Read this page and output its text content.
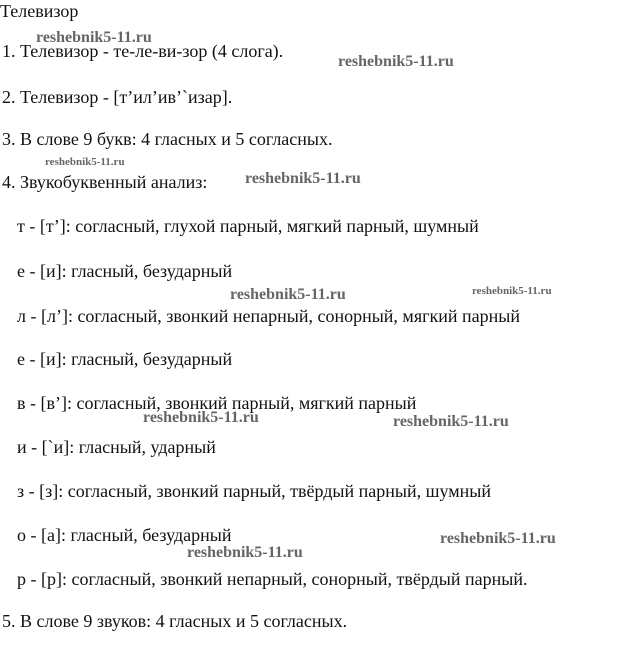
Телевизор
1. Телевизор - те-ле-ви-зор (4 слога).
2. Телевизор - [т’ил’ив’`изар].
3. В слове 9 букв: 4 гласных и 5 согласных.
4. Звукобуквенный анализ:
т - [т’]: согласный, глухой парный, мягкий парный, шумный
е - [и]: гласный, безударный
л - [л’]: согласный, звонкий непарный, сонорный, мягкий парный
е - [и]: гласный, безударный
в - [в’]: согласный, звонкий парный, мягкий парный
и - [`и]: гласный, ударный
з - [з]: согласный, звонкий парный, твёрдый парный, шумный
о - [а]: гласный, безударный
р - [р]: согласный, звонкий непарный, сонорный, твёрдый парный.
5. В слове 9 звуков: 4 гласных и 5 согласных.
reshebnik5-11.ru
reshebnik5-11.ru
reshebnik5-11.ru
reshebnik5-11.ru
reshebnik5-11.ru	reshebnik5-11.ru
reshebnik5-11.ru	reshebnik5-11.ru
reshebnik5-11.ru
reshebnik5-11.ru
